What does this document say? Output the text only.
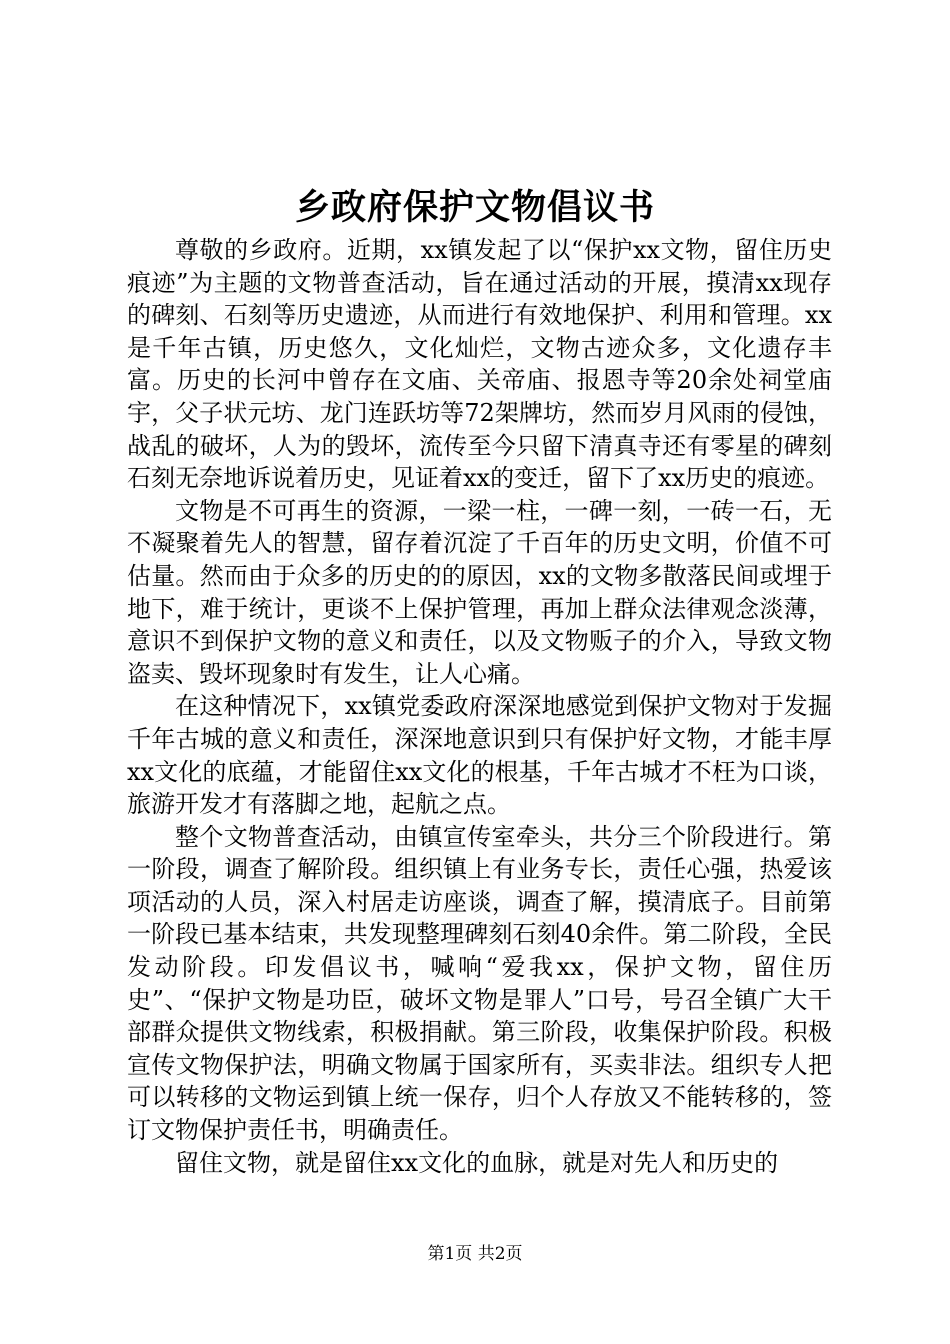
乡政府保护文物倡议书

尊敬的乡政府。近期，xx镇发起了以“保护xx文物，留住历史痕迹”为主题的文物普查活动，旨在通过活动的开展，摸清xx现存的碑刻、石刻等历史遗迹，从而进行有效地保护、利用和管理。xx是千年古镇，历史悠久，文化灿烂，文物古迹众多，文化遗存丰富。历史的长河中曾存在文庙、关帝庙、报恩寺等20余处祠堂庙宇，父子状元坊、龙门连跃坊等72架牌坊，然而岁月风雨的侵蚀，战乱的破坏，人为的毁坏，流传至今只留下清真寺还有零星的碑刻石刻无奈地诉说着历史，见证着xx的变迁，留下了xx历史的痕迹。

文物是不可再生的资源，一梁一柱，一碑一刻，一砖一石，无不凝聚着先人的智慧，留存着沉淀了千百年的历史文明，价值不可估量。然而由于众多的历史的的原因，xx的文物多散落民间或埋于地下，难于统计，更谈不上保护管理，再加上群众法律观念淡薄，意识不到保护文物的意义和责任，以及文物贩子的介入，导致文物盗卖、毁坏现象时有发生，让人心痛。

在这种情况下，xx镇党委政府深深地感觉到保护文物对于发掘千年古城的意义和责任，深深地意识到只有保护好文物，才能丰厚xx文化的底蕴，才能留住xx文化的根基，千年古城才不枉为口谈，旅游开发才有落脚之地，起航之点。

整个文物普查活动，由镇宣传室牵头，共分三个阶段进行。第一阶段，调查了解阶段。组织镇上有业务专长，责任心强，热爱该项活动的人员，深入村居走访座谈，调查了解，摸清底子。目前第一阶段已基本结束，共发现整理碑刻石刻40余件。第二阶段，全民发动阶段。印发倡议书，喊响“爱我xx，保护文物，留住历史”、“保护文物是功臣，破坏文物是罪人”口号，号召全镇广大干部群众提供文物线索，积极捐献。第三阶段，收集保护阶段。积极宣传文物保护法，明确文物属于国家所有，买卖非法。组织专人把可以转移的文物运到镇上统一保存，归个人存放又不能转移的，签订文物保护责任书，明确责任。

留住文物，就是留住xx文化的血脉，就是对先人和历史的

第1页 共2页
